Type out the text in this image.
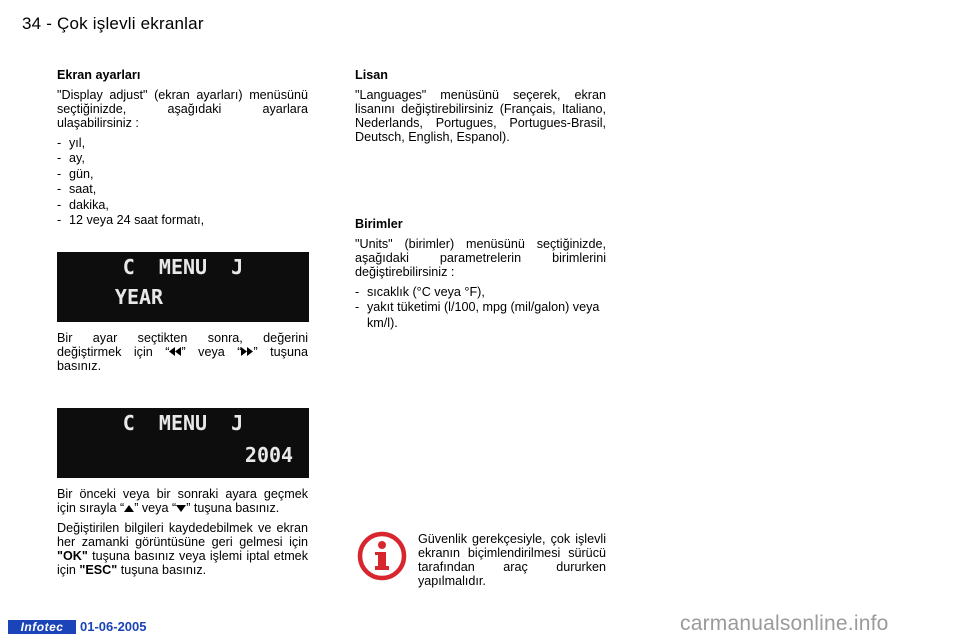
34 - Çok işlevli ekranlar
Ekran ayarları

"Display adjust" (ekran ayarları) menüsünü seçtiğinizde, aşağıdaki ayarlara ulaşabilirsiniz :

- yıl,
- ay,
- gün,
- saat,
- dakika,
- 12 veya 24 saat formatı,
C  MENU  J
YEAR

Bir ayar seçtikten sonra, değerini değiştirmek için “ ” veya “ ” tuşuna basınız.

C  MENU  J
2004

Bir önceki veya bir sonraki ayara geçmek için sırayla “ ” veya “ ” tuşuna basınız.

Değiştirilen bilgileri kaydedebilmek ve ekran her zamanki görüntüsüne geri gelmesi için "OK" tuşuna basınız veya işlemi iptal etmek için "ESC" tuşuna basınız.

Lisan

"Languages" menüsünü seçerek, ekran lisanını değiştirebilirsiniz (Français, Italiano, Nederlands, Portugues, Portugues-Brasil, Deutsch, English, Espanol).

Birimler

"Units" (birimler) menüsünü seçtiğinizde, aşağıdaki parametrelerin birimlerini değiştirebilirsiniz :

- sıcaklık (°C veya °F),
- yakıt tüketimi (l/100, mpg (mil/galon) veya km/l).

Güvenlik gerekçesiyle, çok işlevli ekranın biçimlendirilmesi sürücü tarafından araç dururken yapılmalıdır.

Infotec	01-06-2005	carmanualsonline.info
